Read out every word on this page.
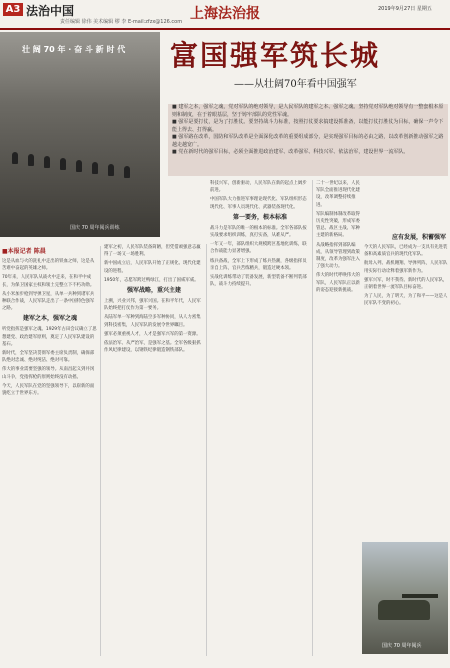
A3 法治中国
责任编辑 徐伟 美术编辑 缪 李 E-mail:zfzx@126.com 上海法治报	2019年9月27日 星期五
壮 阔 70 年 · 奋 斗 新 时 代
国庆 70 周年阅兵训练
富国强军筑长城
——从壮阔70年看中国强军
■ 建军之本，强军之魂，党对军队的绝对领导，是人民军队的建军之本、强军之魂。坚持党对军队绝对领导有一整套根本原则和制度，在于着眼基层，坚于铸牢部队的党性军魂。
■ 强军是要打仗，是为了打胜仗。要坚持战斗力标准，按照打仗要求搞建设抓准备，以能打仗打胜仗为目标，确保一声令下能上得去、打得赢。
■ 强军路在改革，国防和军队改革是全面深化改革的重要组成部分，是实现强军目标的必由之路，以改革创新推动强军之路越走越宽广。
■ 党在新时代的强军目标，必须全面推进政治建军、改革强军、科技兴军、依法治军，建设世界一流军队。
■本报记者 陈晨
这是从血与火的洗礼中走出的铁血之师，这是从苦难中奋起的英雄之师。
70年来，人民军队从战火中走来，在和平中成长，为保卫国家主权和领土完整立下不朽功勋。
从小米加步枪到导弹卫星，从单一兵种到诸军兵种联合作战，人民军队走出了一条中国特色强军之路。
建军之本，强军之魂
听党指挥是强军之魂。1929年古田会议确立了思想建党、政治建军原则，奠定了人民军队建设的基石。
新时代，全军坚决贯彻军委主席负责制，确保部队绝对忠诚、绝对纯洁、绝对可靠。
伟大的事业需要坚强的领导。从南昌起义到井冈山斗争，党指挥枪的原则始终没有动摇。
今天，人民军队在党的坚强领导下，以崭新的面貌屹立于世界东方。
建军之初，人民军队装备简陋，但凭借顽强意志赢得了一场又一场胜利。
新中国成立后，人民军队开始了正规化、现代化建设的进程。
1950年，志愿军跨过鸭绿江，打出了国威军威。
强军战略，重兴主建
上溯，兴业兴邦，强军兴国。在和平年代，人民军队始终把打仗作为第一要务。
从陆军单一军种到海陆空多军种协同，从人力密集到科技密集，人民军队的发展令世界瞩目。
强军必须重视人才，人才是强军兴军的第一资源。
依法治军、从严治军，是强军之基。全军各级狠抓作风纪律建设，以钢铁纪律锻造钢铁部队。
科技兴军，创新驱动，人民军队在新的起点上阔步前进。
中国军队大力推进军事理论现代化、军队组织形态现代化、军事人员现代化、武器装备现代化。
第一要务，根本标准
战斗力是军队的唯一的根本的标准。全军各部队按实战要求组织训练，真打实备，从难从严。
一年又一年，部队组织大规模跨区基地化训练，联合作战能力显著增强。
练兵备战，全军上下形成了练兵热潮，各级指挥员亲自上阵，官兵苦练精兵，锻造过硬本领。
实战化训练带动了装备发展，新型装备不断列装部队，战斗力持续提升。
二十一世纪以来，人民军队全面推进现代化建设，改革调整持续推进。
军队编制体制改革取得历史性突破，形成军委管总、战区主战、军种主建的新格局。
从战略指挥到部队编成，从领导管理到政策制度，改革为强军注入了强大动力。
伟大的时代呼唤伟大的军队，人民军队正以新的姿态迎接新挑战。
应有发展，积蓄强军
今天的人民军队，已经成为一支具有先进装备和高素质官兵的现代化军队。
航母入列、战机翱翔、导弹列阵，人民军队用实际行动诠释着强军新作为。
强军兴军，时不我待。新时代的人民军队，正朝着世界一流军队目标奋进。
为了人民，为了明天，为了和平——这是人民军队不变的初心。
国庆 70 周年阅兵
